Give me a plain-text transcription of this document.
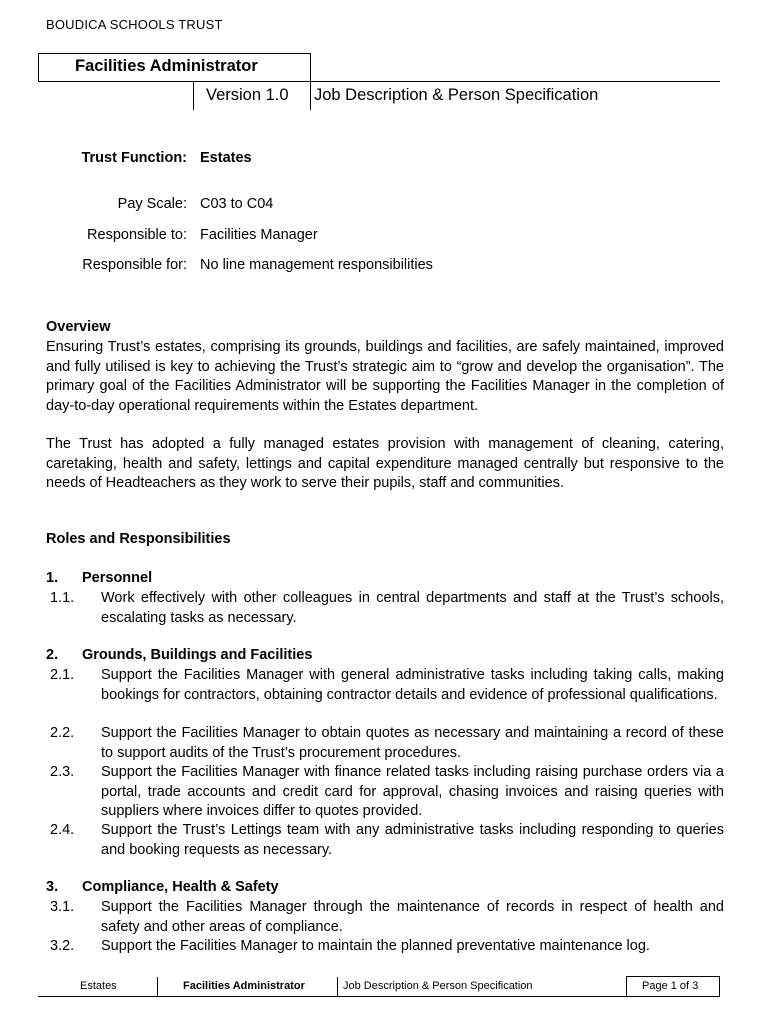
BOUDICA SCHOOLS TRUST
Facilities Administrator
Version 1.0 Job Description & Person Specification
Trust Function: Estates
Pay Scale: C03 to C04
Responsible to: Facilities Manager
Responsible for: No line management responsibilities
Overview
Ensuring Trust’s estates, comprising its grounds, buildings and facilities, are safely maintained, improved and fully utilised is key to achieving the Trust’s strategic aim to “grow and develop the organisation”. The primary goal of the Facilities Administrator will be supporting the Facilities Manager in the completion of day-to-day operational requirements within the Estates department.
The Trust has adopted a fully managed estates provision with management of cleaning, catering, caretaking, health and safety, lettings and capital expenditure managed centrally but responsive to the needs of Headteachers as they work to serve their pupils, staff and communities.
Roles and Responsibilities
1. Personnel
1.1. Work effectively with other colleagues in central departments and staff at the Trust’s schools, escalating tasks as necessary.
2. Grounds, Buildings and Facilities
2.1. Support the Facilities Manager with general administrative tasks including taking calls, making bookings for contractors, obtaining contractor details and evidence of professional qualifications.
2.2. Support the Facilities Manager to obtain quotes as necessary and maintaining a record of these to support audits of the Trust’s procurement procedures.
2.3. Support the Facilities Manager with finance related tasks including raising purchase orders via a portal, trade accounts and credit card for approval, chasing invoices and raising queries with suppliers where invoices differ to quotes provided.
2.4. Support the Trust’s Lettings team with any administrative tasks including responding to queries and booking requests as necessary.
3. Compliance, Health & Safety
3.1. Support the Facilities Manager through the maintenance of records in respect of health and safety and other areas of compliance.
3.2. Support the Facilities Manager to maintain the planned preventative maintenance log.
Estates	Facilities Administrator	Job Description & Person Specification	Page 1 of 3
